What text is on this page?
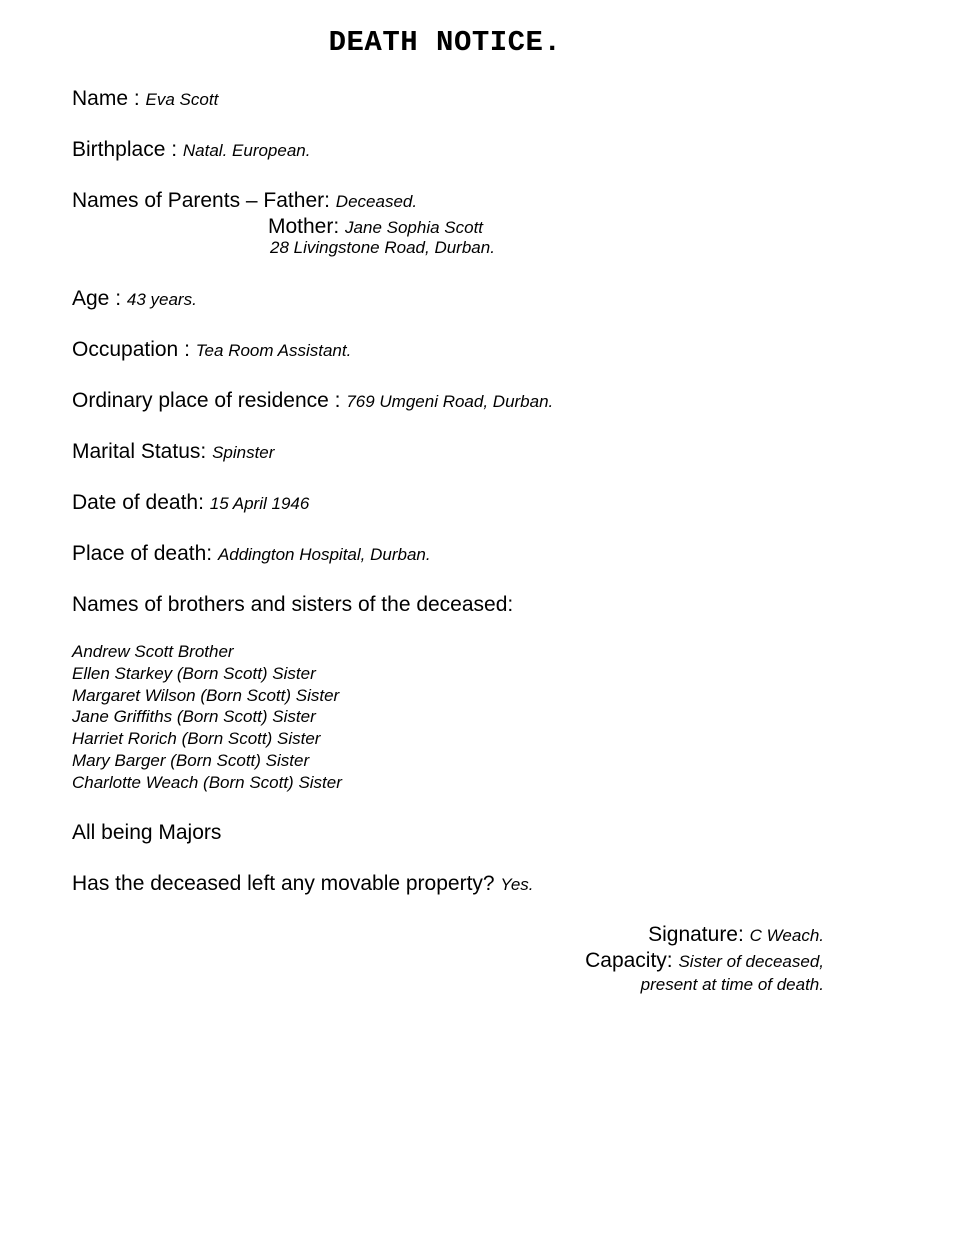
DEATH NOTICE.
Name : Eva Scott
Birthplace : Natal. European.
Names of Parents – Father: Deceased.
Mother: Jane Sophia Scott
28 Livingstone Road, Durban.
Age : 43 years.
Occupation : Tea Room Assistant.
Ordinary place of residence : 769 Umgeni Road, Durban.
Marital Status: Spinster
Date of death: 15 April 1946
Place of death: Addington Hospital, Durban.
Names of brothers and sisters of the deceased:
Andrew Scott Brother
Ellen Starkey (Born Scott) Sister
Margaret Wilson (Born Scott) Sister
Jane Griffiths (Born Scott) Sister
Harriet Rorich (Born Scott) Sister
Mary Barger (Born Scott) Sister
Charlotte Weach (Born Scott) Sister
All being Majors
Has the deceased left any movable property? Yes.
Signature: C Weach.
Capacity: Sister of deceased,
present at time of death.
